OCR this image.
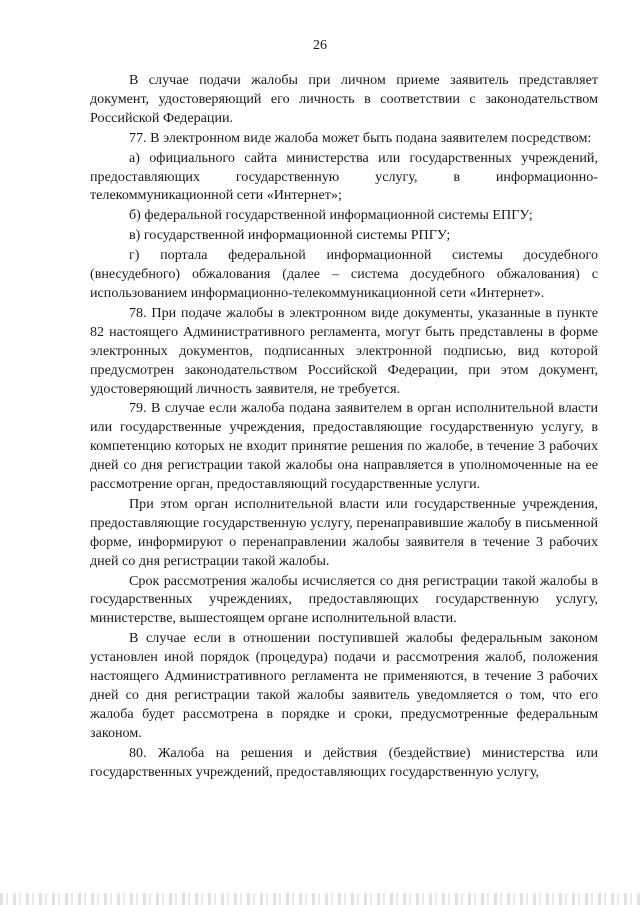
26

В случае подачи жалобы при личном приеме заявитель представляет документ, удостоверяющий его личность в соответствии с законодательством Российской Федерации.

77. В электронном виде жалоба может быть подана заявителем посредством:

а) официального сайта министерства или государственных учреждений, предоставляющих государственную услугу, в информационно-телекоммуникационной сети «Интернет»;

б) федеральной государственной информационной системы ЕПГУ;

в) государственной информационной системы РПГУ;

г) портала федеральной информационной системы досудебного (внесудебного) обжалования (далее – система досудебного обжалования) с использованием информационно-телекоммуникационной сети «Интернет».

78. При подаче жалобы в электронном виде документы, указанные в пункте 82 настоящего Административного регламента, могут быть представлены в форме электронных документов, подписанных электронной подписью, вид которой предусмотрен законодательством Российской Федерации, при этом документ, удостоверяющий личность заявителя, не требуется.

79. В случае если жалоба подана заявителем в орган исполнительной власти или государственные учреждения, предоставляющие государственную услугу, в компетенцию которых не входит принятие решения по жалобе, в течение 3 рабочих дней со дня регистрации такой жалобы она направляется в уполномоченные на ее рассмотрение орган, предоставляющий государственные услуги.

При этом орган исполнительной власти или государственные учреждения, предоставляющие государственную услугу, перенаправившие жалобу в письменной форме, информируют о перенаправлении жалобы заявителя в течение 3 рабочих дней со дня регистрации такой жалобы.

Срок рассмотрения жалобы исчисляется со дня регистрации такой жалобы в государственных учреждениях, предоставляющих государственную услугу, министерстве, вышестоящем органе исполнительной власти.

В случае если в отношении поступившей жалобы федеральным законом установлен иной порядок (процедура) подачи и рассмотрения жалоб, положения настоящего Административного регламента не применяются, в течение 3 рабочих дней со дня регистрации такой жалобы заявитель уведомляется о том, что его жалоба будет рассмотрена в порядке и сроки, предусмотренные федеральным законом.

80. Жалоба на решения и действия (бездействие) министерства или государственных учреждений, предоставляющих государственную услугу,
